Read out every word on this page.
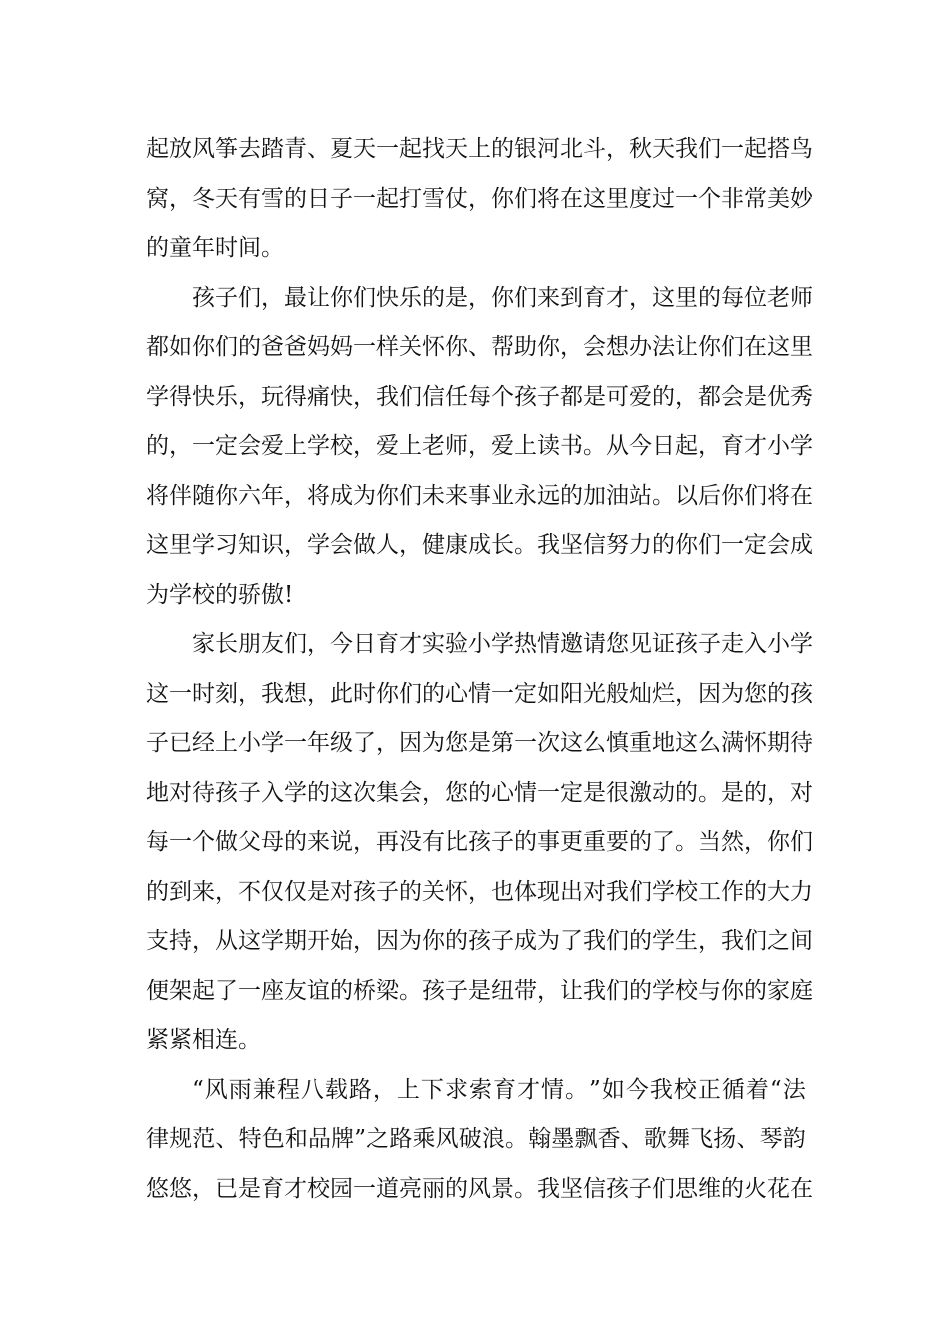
起 放 风 筝 去 踏 青 、 夏 天 一 起 找 天 上 的 银 河 北 斗 ， 秋 天 我 们 一 起 搭 鸟
窝 ， 冬 天 有 雪 的 日 子 一 起 打 雪 仗 ， 你 们 将 在 这 里 度 过 一 个 非 常 美 妙
的 童 年 时 间 。
孩 子 们 ， 最 让 你 们 快 乐 的 是 ， 你 们 来 到 育 才 ， 这 里 的 每 位 老 师
都 如 你 们 的 爸 爸 妈 妈 一 样 关 怀 你 、 帮 助 你 ， 会 想 办 法 让 你 们 在 这 里
学 得 快 乐 ， 玩 得 痛 快 ， 我 们 信 任 每 个 孩 子 都 是 可 爱 的 ， 都 会 是 优 秀
的 ， 一 定 会 爱 上 学 校 ， 爱 上 老 师 ， 爱 上 读 书 。 从 今 日 起 ， 育 才 小 学
将 伴 随 你 六 年 ， 将 成 为 你 们 未 来 事 业 永 远 的 加 油 站 。 以 后 你 们 将 在
这 里 学 习 知 识 ， 学 会 做 人 ， 健 康 成 长 。 我 坚 信 努 力 的 你 们 一 定 会 成
为 学 校 的 骄 傲 !
家 长 朋 友 们 ， 今 日 育 才 实 验 小 学 热 情 邀 请 您 见 证 孩 子 走 入 小 学
这 一 时 刻 ， 我 想 ， 此 时 你 们 的 心 情 一 定 如 阳 光 般 灿 烂 ， 因 为 您 的 孩
子 已 经 上 小 学 一 年 级 了 ， 因 为 您 是 第 一 次 这 么 慎 重 地 这 么 满 怀 期 待
地 对 待 孩 子 入 学 的 这 次 集 会 ， 您 的 心 情 一 定 是 很 激 动 的 。 是 的 ， 对
每 一 个 做 父 母 的 来 说 ， 再 没 有 比 孩 子 的 事 更 重 要 的 了 。 当 然 ， 你 们
的 到 来 ， 不 仅 仅 是 对 孩 子 的 关 怀 ， 也 体 现 出 对 我 们 学 校 工 作 的 大 力
支 持 ， 从 这 学 期 开 始 ， 因 为 你 的 孩 子 成 为 了 我 们 的 学 生 ， 我 们 之 间
便 架 起 了 一 座 友 谊 的 桥 梁 。 孩 子 是 纽 带 ， 让 我 们 的 学 校 与 你 的 家 庭
紧 紧 相 连 。
“ 风 雨 兼 程 八 载 路 ， 上 下 求 索 育 才 情 。 ” 如 今 我 校 正 循 着 “ 法
律 规 范 、 特 色 和 品 牌 ” 之 路 乘 风 破 浪 。 翰 墨 飘 香 、 歌 舞 飞 扬 、 琴 韵
悠 悠 ， 已 是 育 才 校 园 一 道 亮 丽 的 风 景 。 我 坚 信 孩 子 们 思 维 的 火 花 在
